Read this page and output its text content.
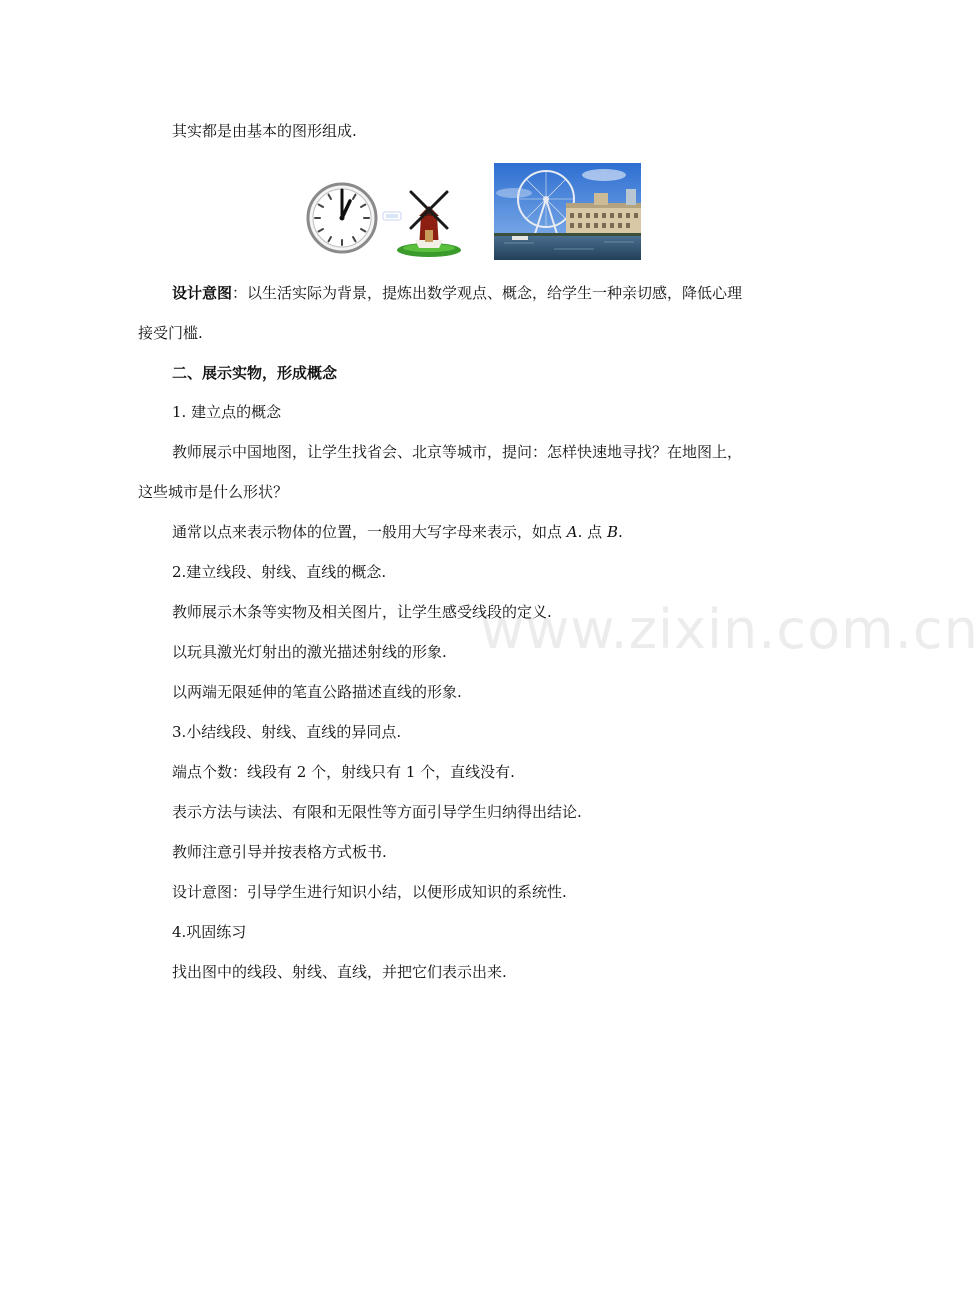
其实都是由基本的图形组成.
设计意图：以生活实际为背景，提炼出数学观点、概念，给学生一种亲切感，降低心理
接受门槛.
二、展示实物，形成概念
1. 建立点的概念
教师展示中国地图，让学生找省会、北京等城市，提问：怎样快速地寻找？在地图上，
这些城市是什么形状？
通常以点来表示物体的位置，一般用大写字母来表示，如点 A. 点 B.
2.建立线段、射线、直线的概念.
教师展示木条等实物及相关图片，让学生感受线段的定义.
以玩具激光灯射出的激光描述射线的形象.
以两端无限延伸的笔直公路描述直线的形象.
3.小结线段、射线、直线的异同点.
端点个数：线段有 2 个，射线只有 1 个，直线没有.
表示方法与读法、有限和无限性等方面引导学生归纳得出结论.
教师注意引导并按表格方式板书.
设计意图：引导学生进行知识小结，以便形成知识的系统性.
4.巩固练习
找出图中的线段、射线、直线，并把它们表示出来.
www.zixin.com.cn
